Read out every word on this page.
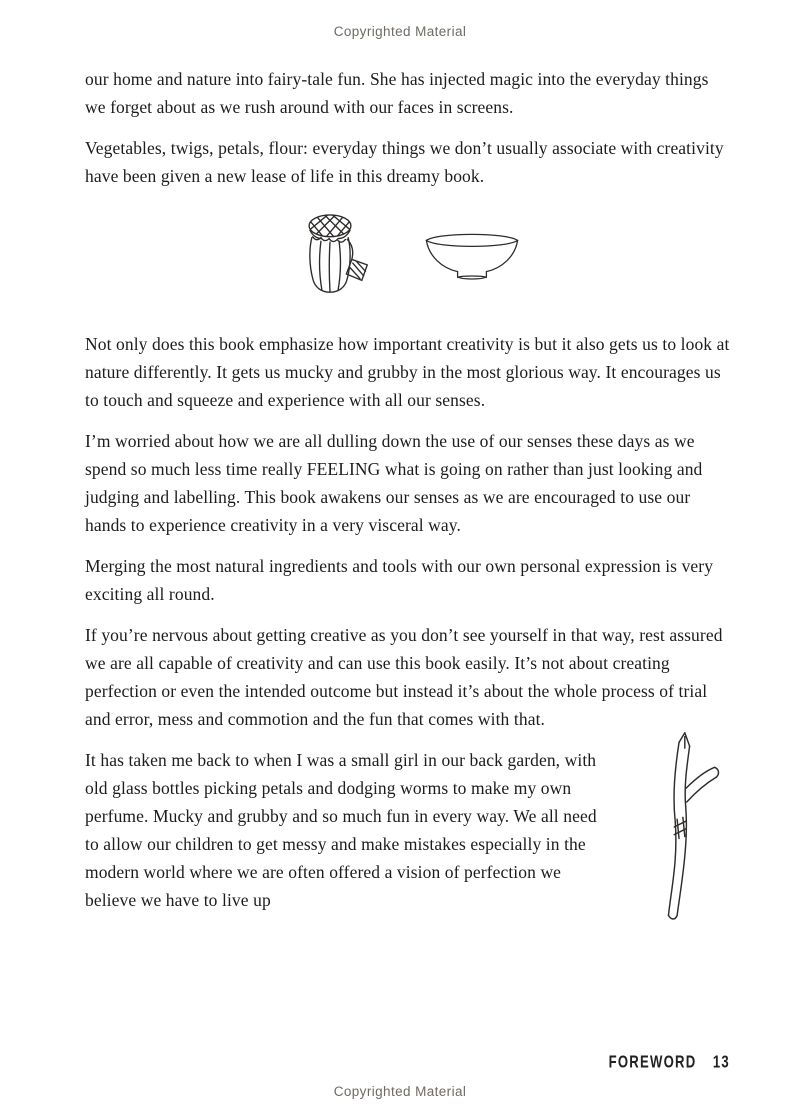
Copyrighted Material

our home and nature into fairy-tale fun. She has injected magic into the everyday things we forget about as we rush around with our faces in screens.

Vegetables, twigs, petals, flour: everyday things we don’t usually associate with creativity have been given a new lease of life in this dreamy book.

Not only does this book emphasize how important creativity is but it also gets us to look at nature differently. It gets us mucky and grubby in the most glorious way. It encourages us to touch and squeeze and experience with all our senses.

I’m worried about how we are all dulling down the use of our senses these days as we spend so much less time really FEELING what is going on rather than just looking and judging and labelling. This book awakens our senses as we are encouraged to use our hands to experience creativity in a very visceral way.

Merging the most natural ingredients and tools with our own personal expression is very exciting all round.

If you’re nervous about getting creative as you don’t see yourself in that way, rest assured we are all capable of creativity and can use this book easily. It’s not about creating perfection or even the intended outcome but instead it’s about the whole process of trial and error, mess and commotion and the fun that comes with that.

It has taken me back to when I was a small girl in our back garden, with old glass bottles picking petals and dodging worms to make my own perfume. Mucky and grubby and so much fun in every way. We all need to allow our children to get messy and make mistakes especially in the modern world where we are often offered a vision of perfection we believe we have to live up

FOREWORD 13
Copyrighted Material
